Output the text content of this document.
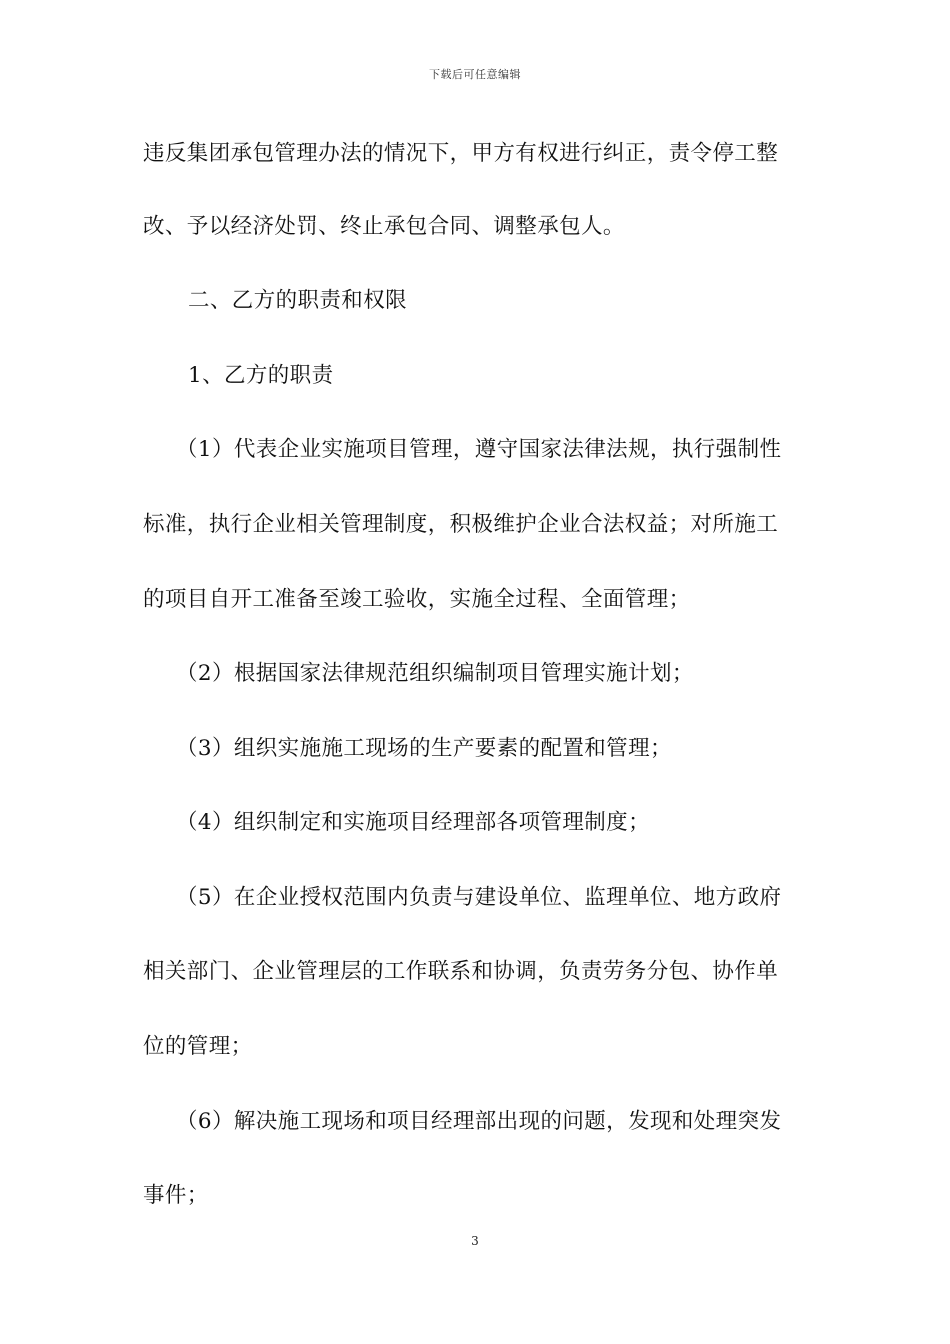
下载后可任意编辑
违反集团承包管理办法的情况下，甲方有权进行纠正，责令停工整
改、予以经济处罚、终止承包合同、调整承包人。
二、乙方的职责和权限
1、乙方的职责
（1）代表企业实施项目管理，遵守国家法律法规，执行强制性
标准，执行企业相关管理制度，积极维护企业合法权益；对所施工
的项目自开工准备至竣工验收，实施全过程、全面管理；
（2）根据国家法律规范组织编制项目管理实施计划；
（3）组织实施施工现场的生产要素的配置和管理；
（4）组织制定和实施项目经理部各项管理制度；
（5）在企业授权范围内负责与建设单位、监理单位、地方政府
相关部门、企业管理层的工作联系和协调，负责劳务分包、协作单
位的管理；
（6）解决施工现场和项目经理部出现的问题，发现和处理突发
事件；
3
